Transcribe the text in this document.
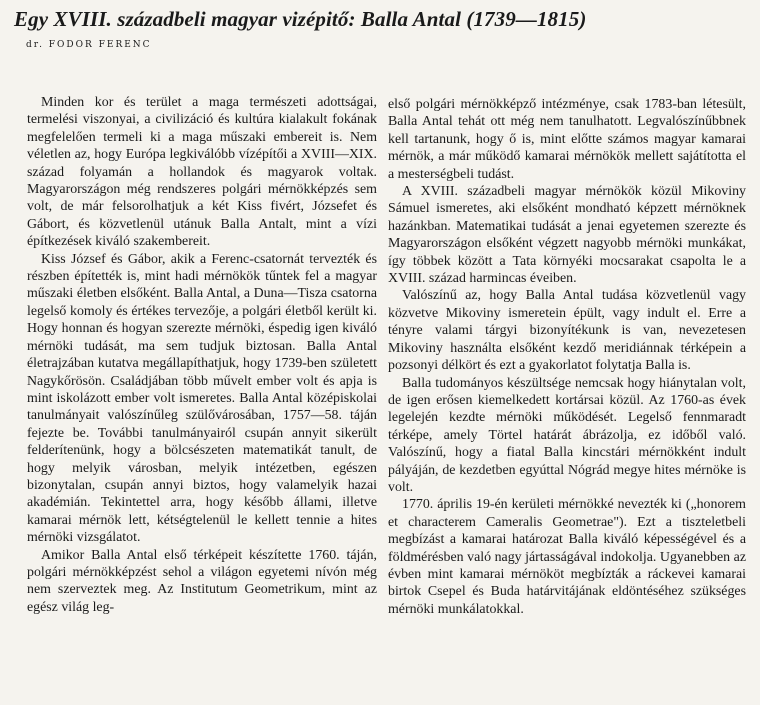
Egy XVIII. századbeli magyar vizépitő: Balla Antal (1739—1815)
dr. FODOR FERENC

Minden kor és terület a maga természeti adottságai, termelési viszonyai, a civilizáció és kultúra kialakult fokának megfelelően termeli ki a maga műszaki embereit is. Nem véletlen az, hogy Európa legkiválóbb vízépítői a XVIII—XIX. század folyamán a hollandok és magyarok voltak. Magyarországon még rendszeres polgári mérnökképzés sem volt, de már felsorolhatjuk a két Kiss fivért, Józsefet és Gábort, és közvetlenül utánuk Balla Antalt, mint a vízi építkezések kiváló szakembereit.

Kiss József és Gábor, akik a Ferenc-csatornát tervezték és részben építették is, mint hadi mérnökök tűntek fel a magyar műszaki életben elsőként. Balla Antal, a Duna—Tisza csatorna legelső komoly és értékes tervezője, a polgári életből került ki. Hogy honnan és hogyan szerezte mérnöki, éspedig igen kiváló mérnöki tudását, ma sem tudjuk biztosan. Balla Antal életrajzában kutatva megállapíthatjuk, hogy 1739-ben született Nagykőrösön. Családjában több művelt ember volt és apja is mint iskolázott ember volt ismeretes. Balla Antal középiskolai tanulmányait valószínűleg szülővárosában, 1757—58. táján fejezte be. További tanulmányairól csupán annyit sikerült felderítenünk, hogy a bölcsészeten matematikát tanult, de hogy melyik városban, melyik intézetben, egészen bizonytalan, csupán annyi biztos, hogy valamelyik hazai akadémián. Tekintettel arra, hogy később állami, illetve kamarai mérnök lett, kétségtelenül le kellett tennie a hites mérnöki vizsgálatot.

Amikor Balla Antal első térképeit készítette 1760. táján, polgári mérnökképzést sehol a világon egyetemi nívón még nem szerveztek meg. Az Institutum Geometrikum, mint az egész világ leg-

első polgári mérnökképző intézménye, csak 1783-ban létesült, Balla Antal tehát ott még nem tanulhatott. Legvalószínűbbnek kell tartanunk, hogy ő is, mint előtte számos magyar kamarai mérnök, a már működő kamarai mérnökök mellett sajátította el a mesterségbeli tudást.

A XVIII. századbeli magyar mérnökök közül Mikoviny Sámuel ismeretes, aki elsőként mondható képzett mérnöknek hazánkban. Matematikai tudását a jenai egyetemen szerezte és Magyarországon elsőként végzett nagyobb mérnöki munkákat, így többek között a Tata környéki mocsarakat csapolta le a XVIII. század harmincas éveiben.

Valószínű az, hogy Balla Antal tudása közvetlenül vagy közvetve Mikoviny ismeretein épült, vagy indult el. Erre a tényre valami tárgyi bizonyítékunk is van, nevezetesen Mikoviny használta elsőként kezdő meridiánnak térképein a pozsonyi délkört és ezt a gyakorlatot folytatja Balla is.

Balla tudományos készültsége nemcsak hogy hiánytalan volt, de igen erősen kiemelkedett kortársai közül. Az 1760-as évek legelején kezdte mérnöki működését. Legelső fennmaradt térképe, amely Törtel határát ábrázolja, ez időből való. Valószínű, hogy a fiatal Balla kincstári mérnökként indult pályáján, de kezdetben egyúttal Nógrád megye hites mérnöke is volt.

1770. április 19-én kerületi mérnökké nevezték ki („honorem et characterem Cameralis Geometrae"). Ezt a tiszteletbeli megbízást a kamarai határozat Balla kiváló képességével és a földmérésben való nagy jártasságával indokolja. Ugyanebben az évben mint kamarai mérnököt megbízták a ráckevei kamarai birtok Csepel és Buda határvitájának eldöntéséhez szükséges mérnöki munkálatokkal.
